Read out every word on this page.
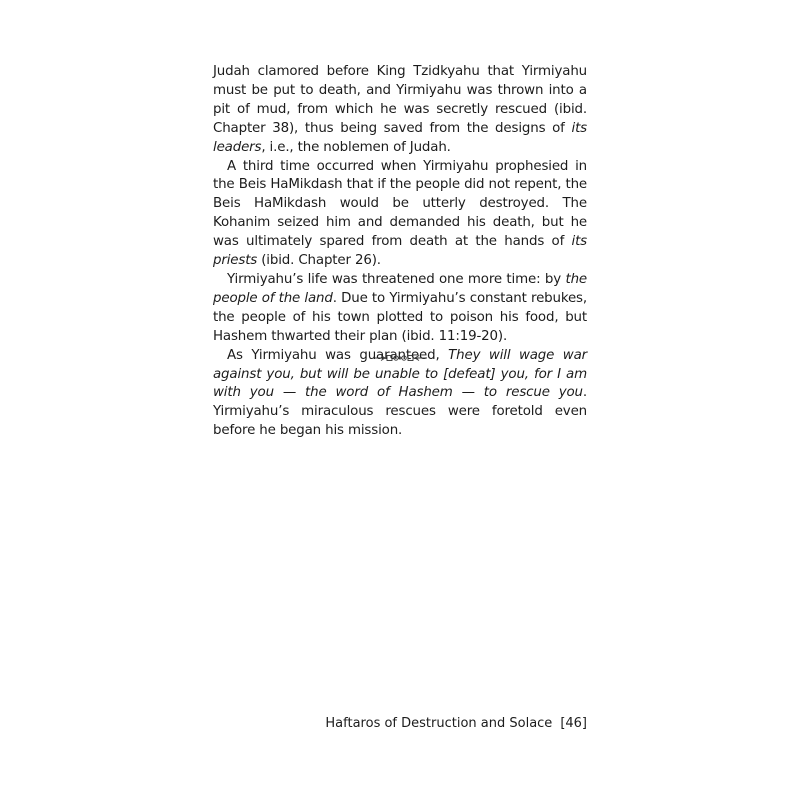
Judah clamored before King Tzidkyahu that Yirmiyahu must be put to death, and Yirmiyahu was thrown into a pit of mud, from which he was secretly rescued (ibid. Chapter 38), thus being saved from the designs of its leaders, i.e., the noblemen of Judah.

A third time occurred when Yirmiyahu prophesied in the Beis HaMikdash that if the people did not repent, the Beis HaMikdash would be utterly destroyed. The Kohanim seized him and demanded his death, but he was ultimately spared from death at the hands of its priests (ibid. Chapter 26).

Yirmiyahu’s life was threatened one more time: by the people of the land. Due to Yirmiyahu’s constant rebukes, the people of his town plotted to poison his food, but Hashem thwarted their plan (ibid. 11:19-20).

As Yirmiyahu was guaranteed, They will wage war against you, but will be unable to [defeat] you, for I am with you — the word of Hashem — to rescue you. Yirmiyahu’s miraculous rescues were foretold even before he began his mission.

Haftaros of Destruction and Solace [46]
